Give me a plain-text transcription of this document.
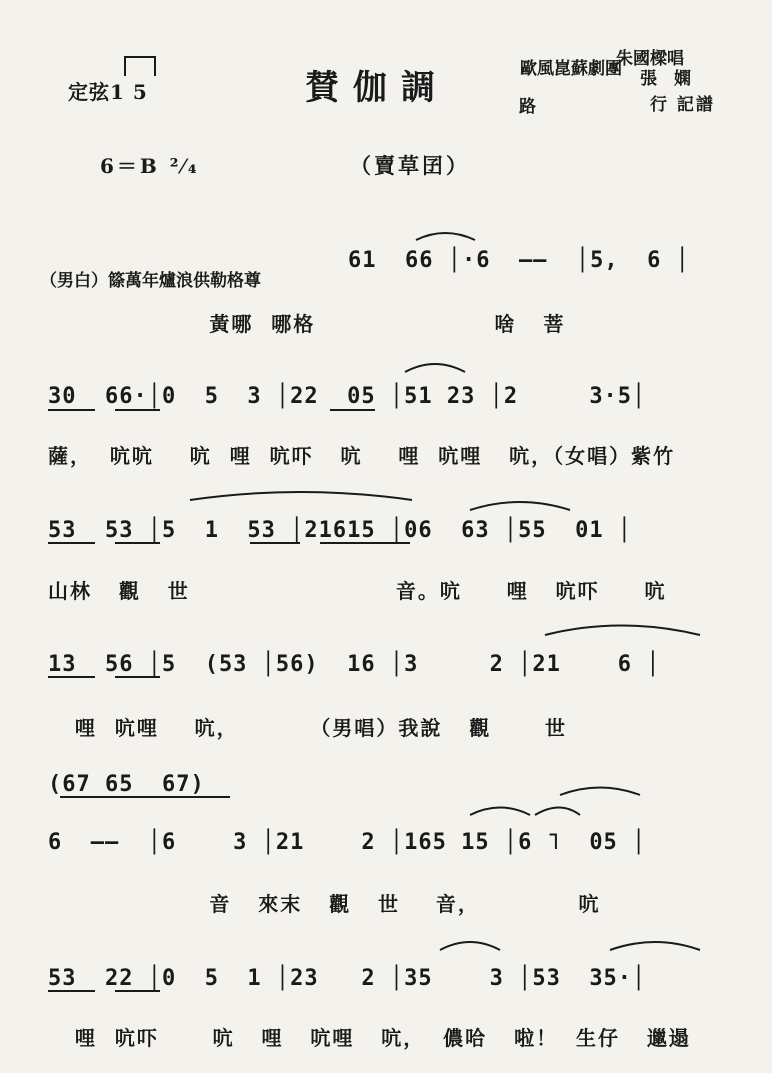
定弦1 5	賛伽調	歐風崑蘇劇團
朱國樑唱
張　嫻
路	行 記譜
6＝B ²⁄₄	（賣草囝）
（男白）篨萬年爐浪供勒格尊
61  66 │·6  ——  │5,  6 │
黃哪  哪格                    啥   菩
30  66·│0  5  3 │22  05 │51 23 │2     3·5│
薩，  吭吭    吭  哩  吭吓   吭    哩  吭哩   吭，（女唱）紫竹
53  53 │5  1  53 │21615 │06  63 │55  01 │
山林   觀   世                       音。吭     哩   吭吓     吭
13  56 │5  (53 │56)  16 │3     2 │21    6 │
哩  吭哩    吭，        （男唱）我說   觀      世
(67 65  67)
6  ——  │6    3 │21    2 │165 15 │6 ˥  05 │
音   來末   觀   世    音，           吭
53  22 │0  5  1 │23   2 │35    3 │53  35·│
哩  吭吓      吭   哩   吭哩   吭，  儂哈   啦！  生仔   邋遢
